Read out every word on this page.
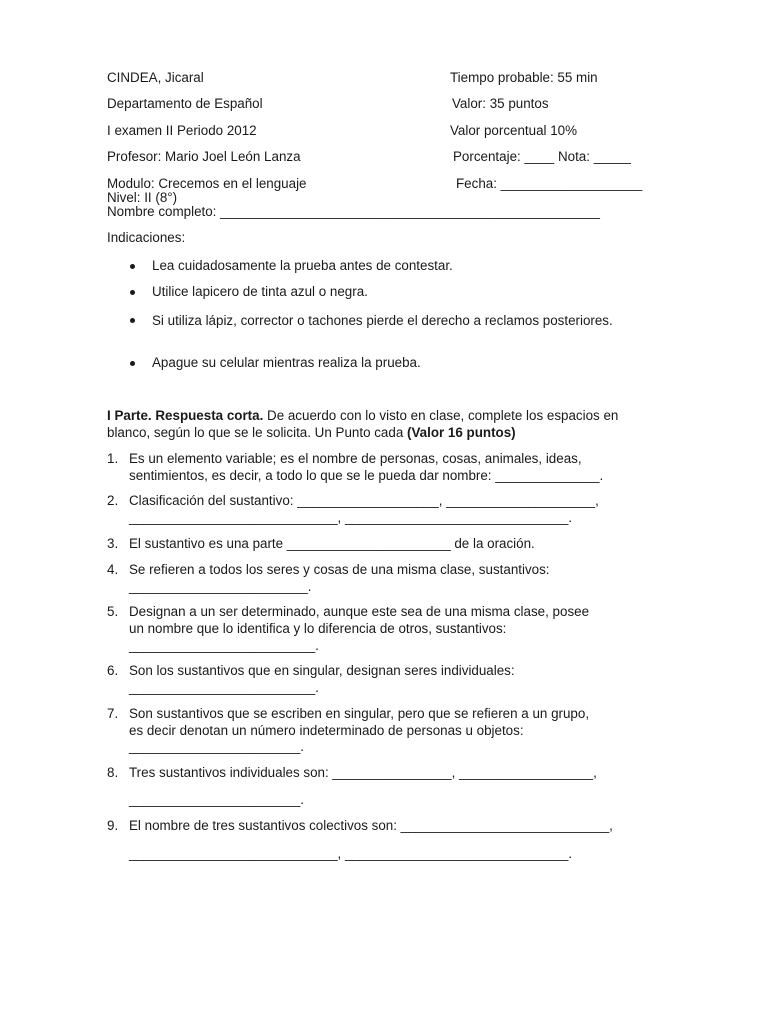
CINDEA, Jicaral	Tiempo probable: 55 min
Departamento de Español	Valor: 35 puntos
I examen II Periodo 2012	Valor porcentual 10%
Profesor: Mario Joel León Lanza	Porcentaje: ____ Nota: _____
Modulo: Crecemos en el lenguaje	Fecha: ___________________
Nivel: II (8°)
Nombre completo: ___________________________________________________
Indicaciones:
Lea cuidadosamente la prueba antes de contestar.
Utilice lapicero de tinta azul o negra.
Si utiliza lápiz, corrector o tachones pierde el derecho a reclamos posteriores.
Apague su celular mientras realiza la prueba.
I Parte. Respuesta corta. De acuerdo con lo visto en clase, complete los espacios en blanco, según lo que se le solicita. Un Punto cada (Valor 16 puntos)
1. Es un elemento variable; es el nombre de personas, cosas, animales, ideas,
sentimientos, es decir, a todo lo que se le pueda dar nombre: ______________.
2. Clasificación del sustantivo: ___________________, ____________________,
____________________________, ______________________________.
3. El sustantivo es una parte ______________________ de la oración.
4. Se refieren a todos los seres y cosas de una misma clase, sustantivos:
________________________.
5. Designan a un ser determinado, aunque este sea de una misma clase, posee
un nombre que lo identifica y lo diferencia de otros, sustantivos:
_________________________.
6. Son los sustantivos que en singular, designan seres individuales:
_________________________.
7. Son sustantivos que se escriben en singular, pero que se refieren a un grupo,
es decir denotan un número indeterminado de personas u objetos:
_______________________.
8. Tres sustantivos individuales son: ________________, __________________,
_______________________.
9. El nombre de tres sustantivos colectivos son: ____________________________,
____________________________, ______________________________.
